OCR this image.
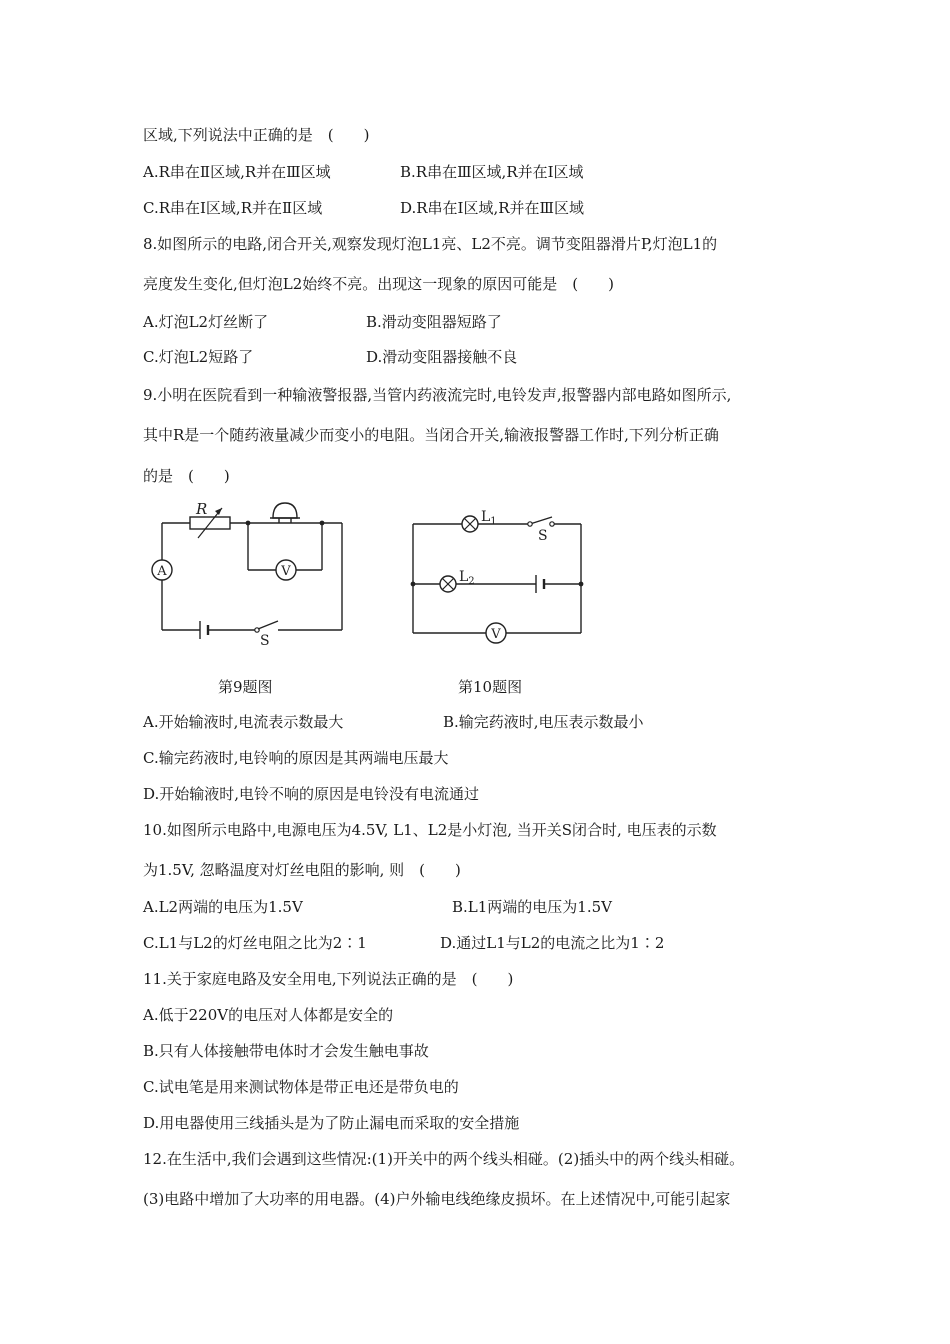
区域,下列说法中正确的是　(　　)
A.R串在Ⅱ区域,R并在Ⅲ区域	B.R串在Ⅲ区域,R并在Ⅰ区域
C.R串在Ⅰ区域,R并在Ⅱ区域	D.R串在Ⅰ区域,R并在Ⅲ区域
8.如图所示的电路,闭合开关,观察发现灯泡L1亮、L2不亮。调节变阻器滑片P,灯泡L1的
亮度发生变化,但灯泡L2始终不亮。出现这一现象的原因可能是　(　　)
A.灯泡L2灯丝断了	B.滑动变阻器短路了
C.灯泡L2短路了	D.滑动变阻器接触不良
9.小明在医院看到一种输液警报器,当管内药液流完时,电铃发声,报警器内部电路如图所示,
其中R是一个随药液量减少而变小的电阻。当闭合开关,输液报警器工作时,下列分析正确
的是　(　　)
R
A	V
S
$L_1$
S
$L_2$
V
第9题图	第10题图
A.开始输液时,电流表示数最大	B.输完药液时,电压表示数最小
C.输完药液时,电铃响的原因是其两端电压最大
D.开始输液时,电铃不响的原因是电铃没有电流通过
10.如图所示电路中,电源电压为4.5V, L1、L2是小灯泡, 当开关S闭合时, 电压表的示数
为1.5V, 忽略温度对灯丝电阻的影响, 则　(　　)
A.L2两端的电压为1.5V	B.L1两端的电压为1.5V
C.L1与L2的灯丝电阻之比为2∶1	D.通过L1与L2的电流之比为1∶2
11.关于家庭电路及安全用电,下列说法正确的是　(　　)
A.低于220V的电压对人体都是安全的
B.只有人体接触带电体时才会发生触电事故
C.试电笔是用来测试物体是带正电还是带负电的
D.用电器使用三线插头是为了防止漏电而采取的安全措施
12.在生活中,我们会遇到这些情况:(1)开关中的两个线头相碰。(2)插头中的两个线头相碰。
(3)电路中增加了大功率的用电器。(4)户外输电线绝缘皮损坏。在上述情况中,可能引起家
